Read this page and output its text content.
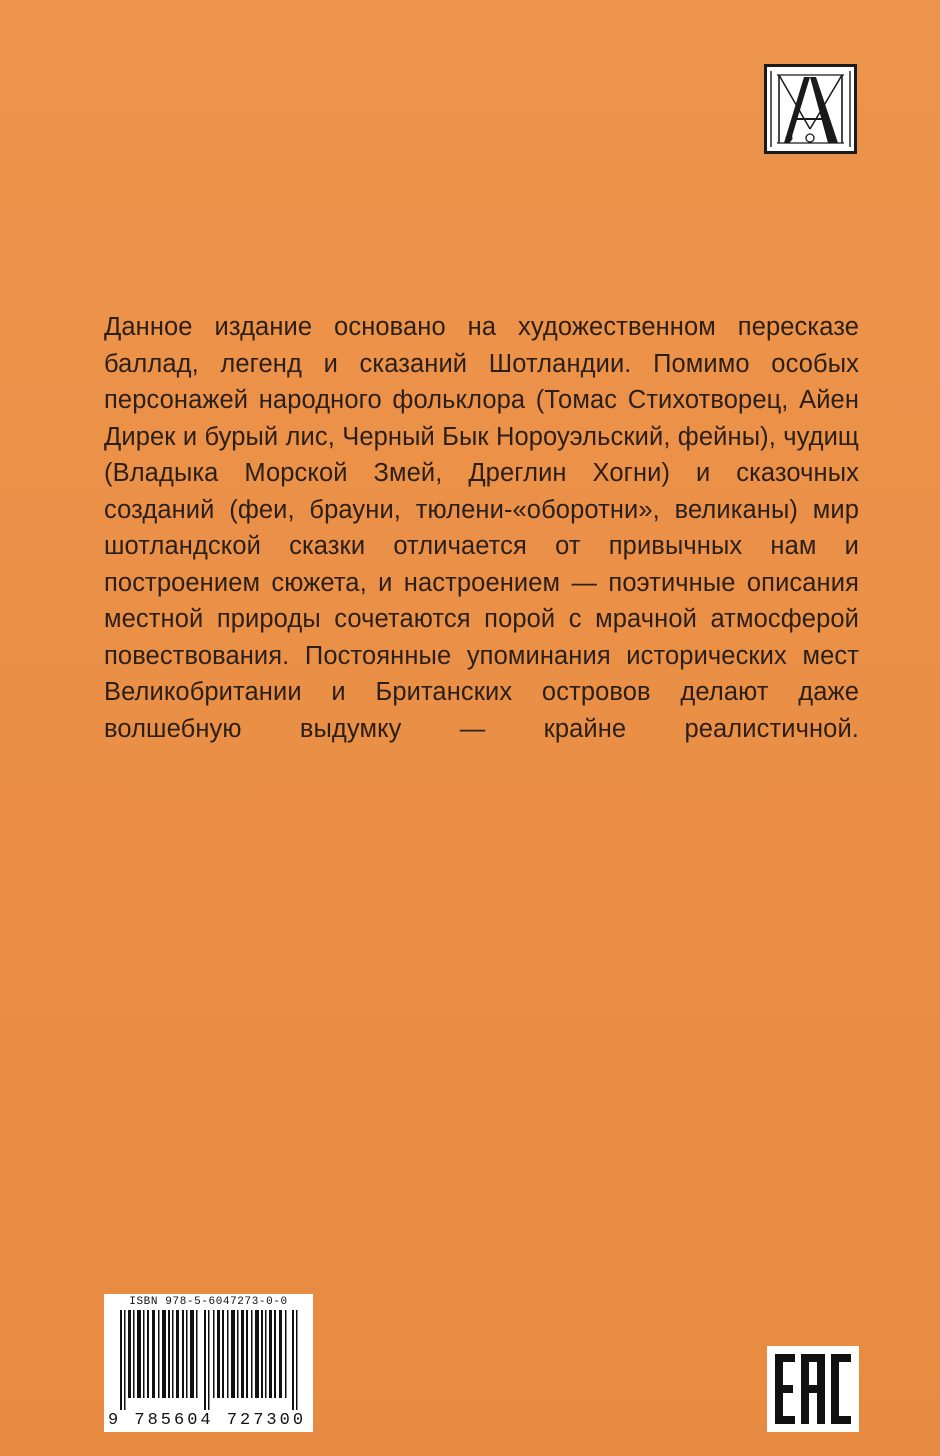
Данное издание основано на художественном пересказе баллад, легенд и сказаний Шотландии. Помимо особых персонажей народного фольклора (Томас Стихотворец, Айен Дирек и бурый лис, Черный Бык Нороуэльский, фейны), чудищ (Владыка Морской Змей, Дреглин Хогни) и сказочных созданий (феи, брауни, тюлени-«оборотни», великаны) мир шотландской сказки отличается от привычных нам и построением сюжета, и настроением — поэтичные описания местной природы сочетаются порой с мрачной атмосферой повествования. Постоянные упоминания исторических мест Великобритании и Британских островов делают даже волшебную выдумку — крайне реалистичной.

ISBN 978-5-6047273-0-0
9 785604 727300
